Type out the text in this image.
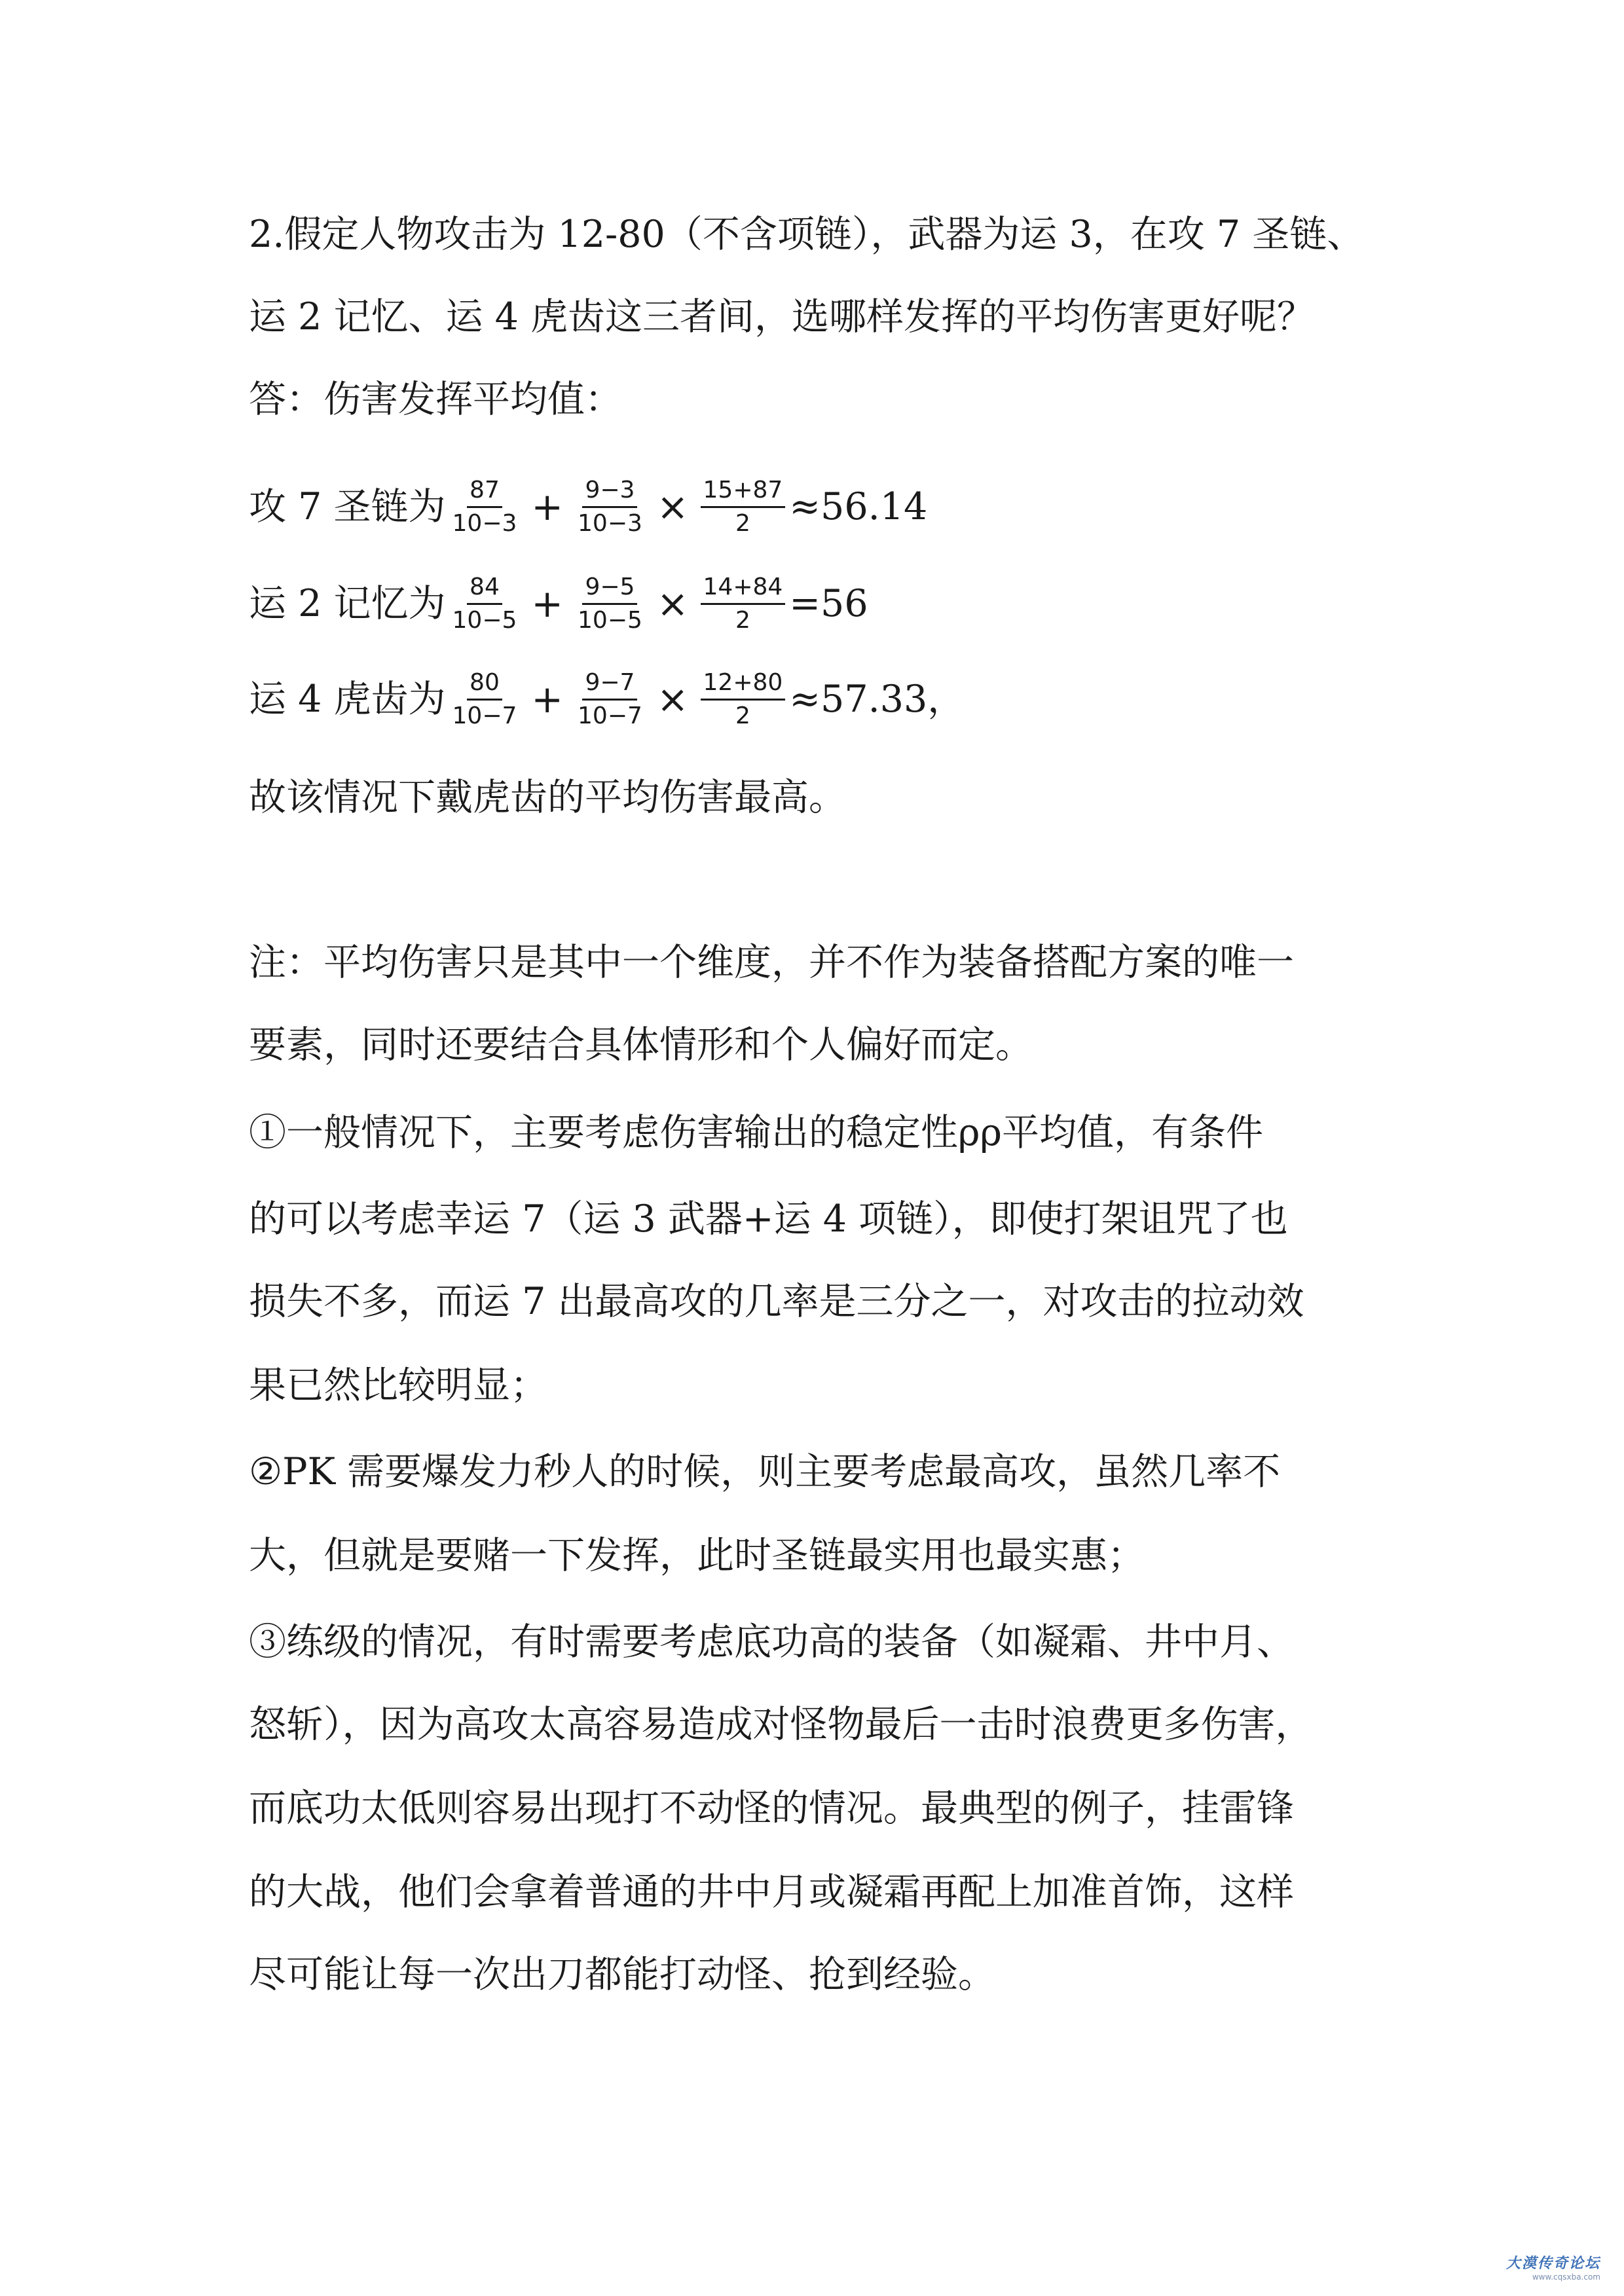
2.假定人物攻击为 12-80（不含项链），武器为运 3，在攻 7 圣链、
运 2 记忆、运 4 虎齿这三者间，选哪样发挥的平均伤害更好呢？
答：伤害发挥平均值：
攻 7 圣链为 $\frac{87}{10-3} + \frac{9-3}{10-3} \times \frac{15+87}{2} \approx 56.14$
运 2 记忆为 $\frac{84}{10-5} + \frac{9-5}{10-5} \times \frac{14+84}{2} =56$
运 4 虎齿为 $\frac{80}{10-7} + \frac{9-7}{10-7} \times \frac{12+80}{2} \approx 57.33$，
故该情况下戴虎齿的平均伤害最高。
注：平均伤害只是其中一个维度，并不作为装备搭配方案的唯一
要素，同时还要结合具体情形和个人偏好而定。
①一般情况下，主要考虑伤害输出的稳定性ρρ平均值，有条件
的可以考虑幸运 7（运 3 武器+运 4 项链），即使打架诅咒了也
损失不多，而运 7 出最高攻的几率是三分之一，对攻击的拉动效
果已然比较明显；
②PK 需要爆发力秒人的时候，则主要考虑最高攻，虽然几率不
大，但就是要赌一下发挥，此时圣链最实用也最实惠；
③练级的情况，有时需要考虑底功高的装备（如凝霜、井中月、
怒斩），因为高攻太高容易造成对怪物最后一击时浪费更多伤害，
而底功太低则容易出现打不动怪的情况。最典型的例子，挂雷锋
的大战，他们会拿着普通的井中月或凝霜再配上加准首饰，这样
尽可能让每一次出刀都能打动怪、抢到经验。
大漠传奇论坛
www.cqsxba.com
